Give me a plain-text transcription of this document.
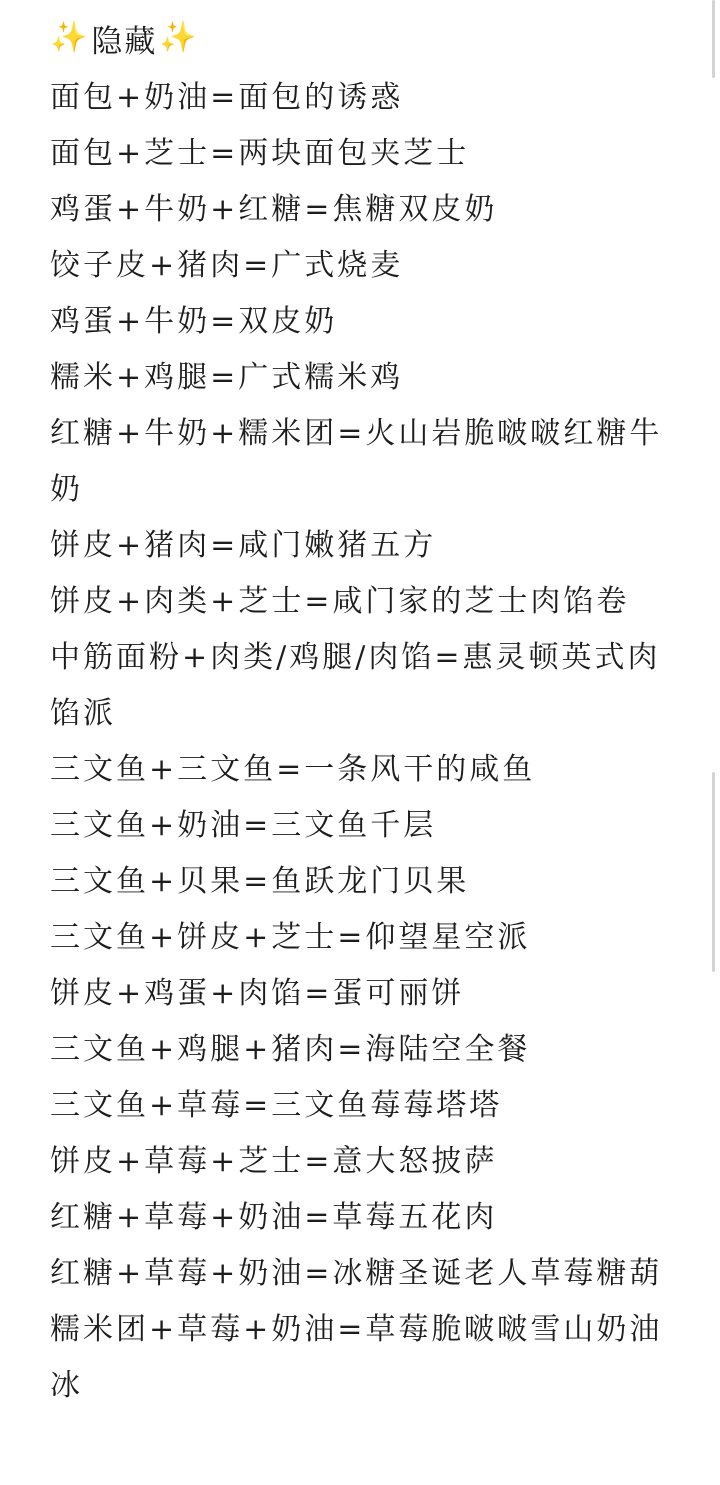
✨ 隐藏 ✨
面包+奶油=面包的诱惑
面包+芝士=两块面包夹芝士
鸡蛋+牛奶+红糖=焦糖双皮奶
饺子皮+猪肉=广式烧麦
鸡蛋+牛奶=双皮奶
糯米+鸡腿=广式糯米鸡
红糖+牛奶+糯米团=火山岩脆啵啵红糖牛奶
饼皮+猪肉=咸门嫩猪五方
饼皮+肉类+芝士=咸门家的芝士肉馅卷
中筋面粉+肉类/鸡腿/肉馅=惠灵顿英式肉馅派
三文鱼+三文鱼=一条风干的咸鱼
三文鱼+奶油=三文鱼千层
三文鱼+贝果=鱼跃龙门贝果
三文鱼+饼皮+芝士=仰望星空派
饼皮+鸡蛋+肉馅=蛋可丽饼
三文鱼+鸡腿+猪肉=海陆空全餐
三文鱼+草莓=三文鱼莓莓塔塔
饼皮+草莓+芝士=意大怒披萨
红糖+草莓+奶油=草莓五花肉
红糖+草莓+奶油=冰糖圣诞老人草莓糖葫
糯米团+草莓+奶油=草莓脆啵啵雪山奶油冰
